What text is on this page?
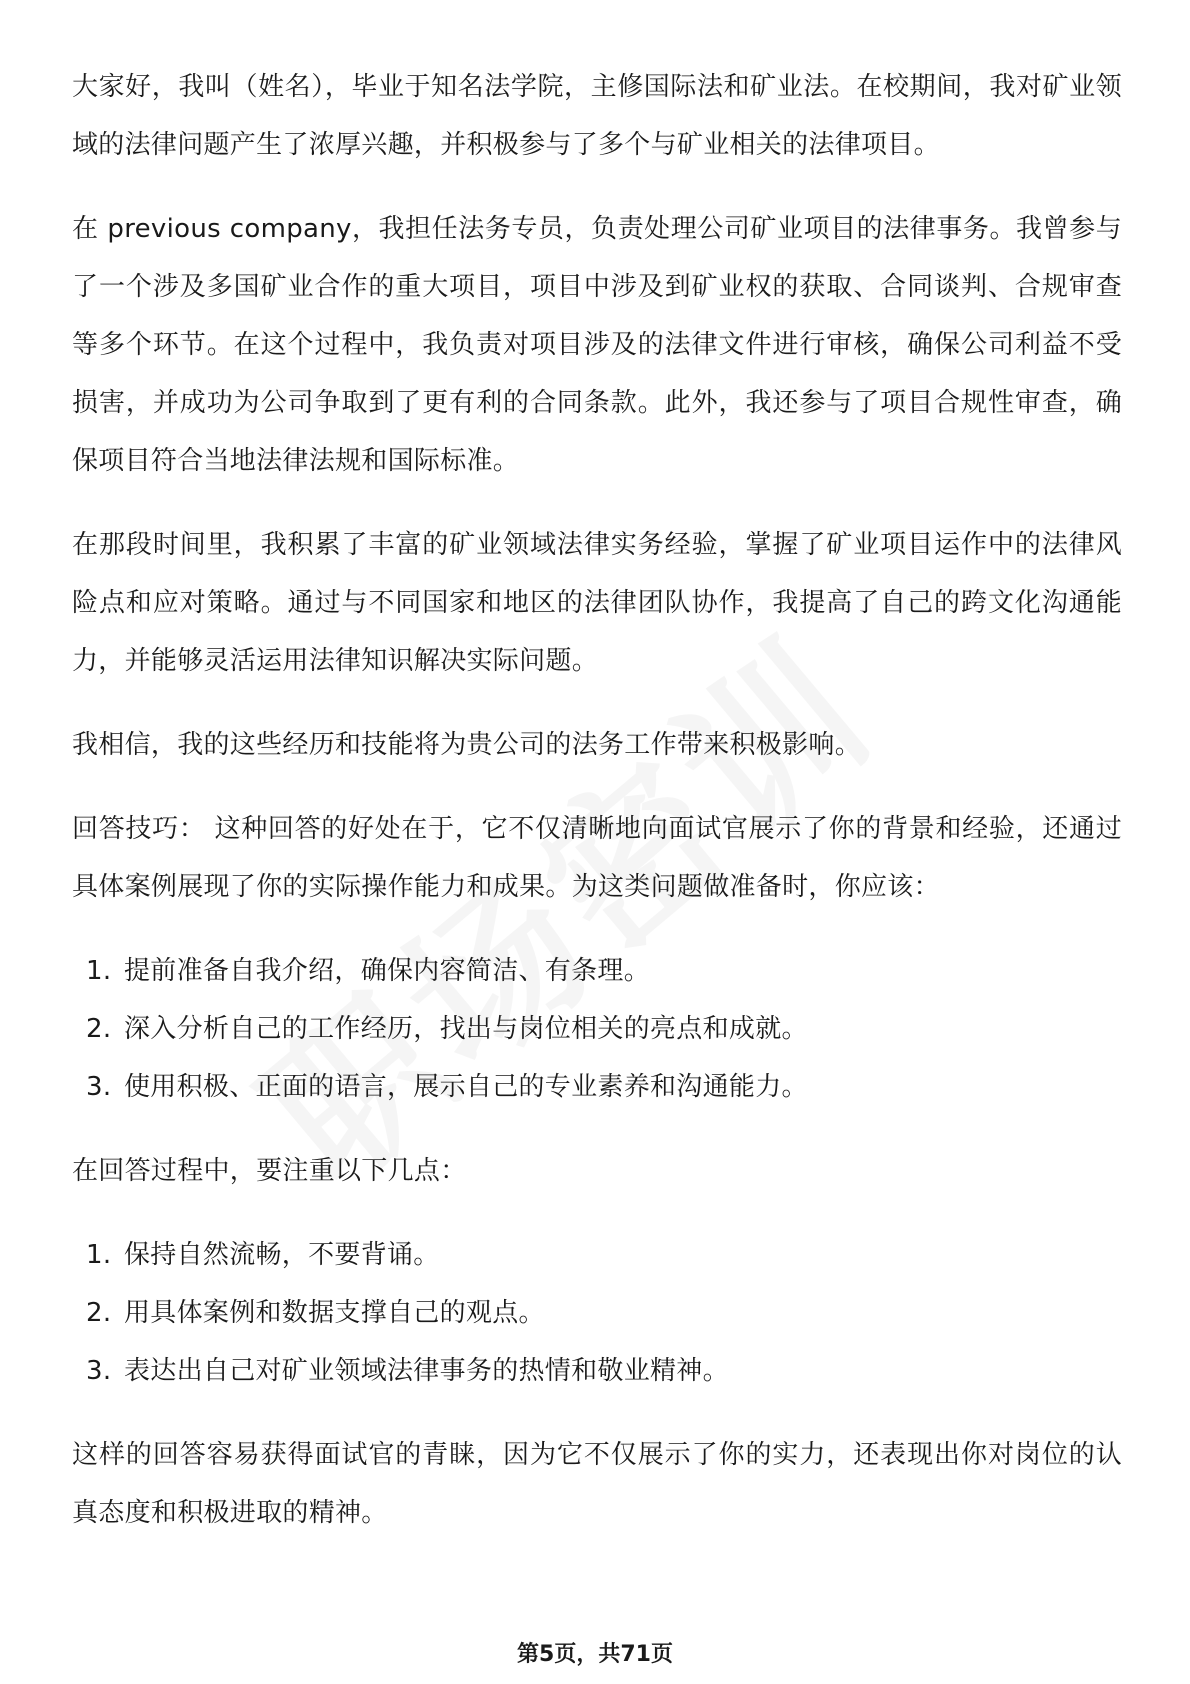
大家好，我叫（姓名），毕业于知名法学院，主修国际法和矿业法。在校期间，我对矿业领域的法律问题产生了浓厚兴趣，并积极参与了多个与矿业相关的法律项目。

在 previous company，我担任法务专员，负责处理公司矿业项目的法律事务。我曾参与了一个涉及多国矿业合作的重大项目，项目中涉及到矿业权的获取、合同谈判、合规审查等多个环节。在这个过程中，我负责对项目涉及的法律文件进行审核，确保公司利益不受损害，并成功为公司争取到了更有利的合同条款。此外，我还参与了项目合规性审查，确保项目符合当地法律法规和国际标准。

在那段时间里，我积累了丰富的矿业领域法律实务经验，掌握了矿业项目运作中的法律风险点和应对策略。通过与不同国家和地区的法律团队协作，我提高了自己的跨文化沟通能力，并能够灵活运用法律知识解决实际问题。

我相信，我的这些经历和技能将为贵公司的法务工作带来积极影响。

回答技巧： 这种回答的好处在于，它不仅清晰地向面试官展示了你的背景和经验，还通过具体案例展现了你的实际操作能力和成果。为这类问题做准备时，你应该：

1. 提前准备自我介绍，确保内容简洁、有条理。
2. 深入分析自己的工作经历，找出与岗位相关的亮点和成就。
3. 使用积极、正面的语言，展示自己的专业素养和沟通能力。

在回答过程中，要注重以下几点：

1. 保持自然流畅，不要背诵。
2. 用具体案例和数据支撑自己的观点。
3. 表达出自己对矿业领域法律事务的热情和敬业精神。

这样的回答容易获得面试官的青睐，因为它不仅展示了你的实力，还表现出你对岗位的认真态度和积极进取的精神。

第5页，共71页
